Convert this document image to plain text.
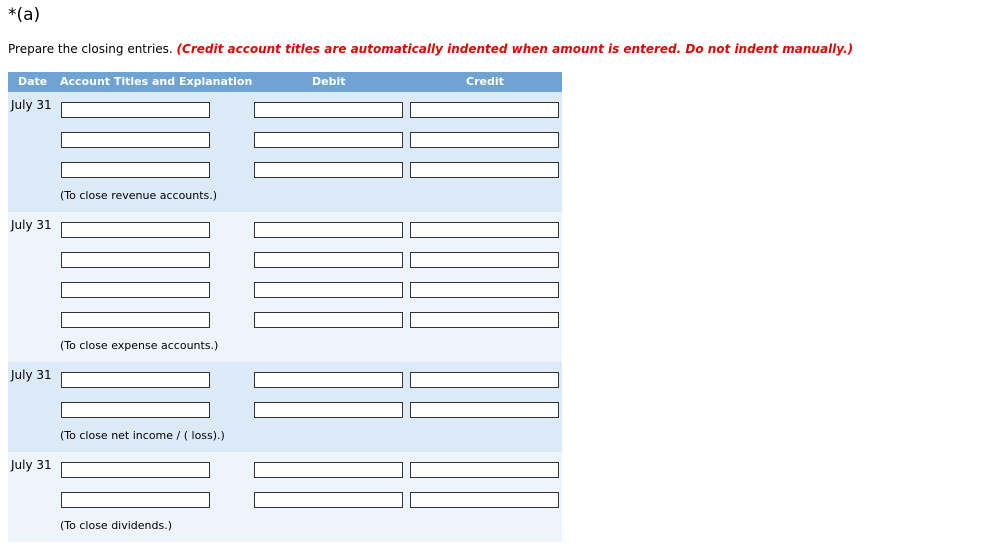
*(a)
Prepare the closing entries. (Credit account titles are automatically indented when amount is entered. Do not indent manually.)
Date Account Titles and Explanation	Debit	Credit
July 31
(To close revenue accounts.)
July 31
(To close expense accounts.)
July 31
(To close net income / ( loss).)
July 31
(To close dividends.)
